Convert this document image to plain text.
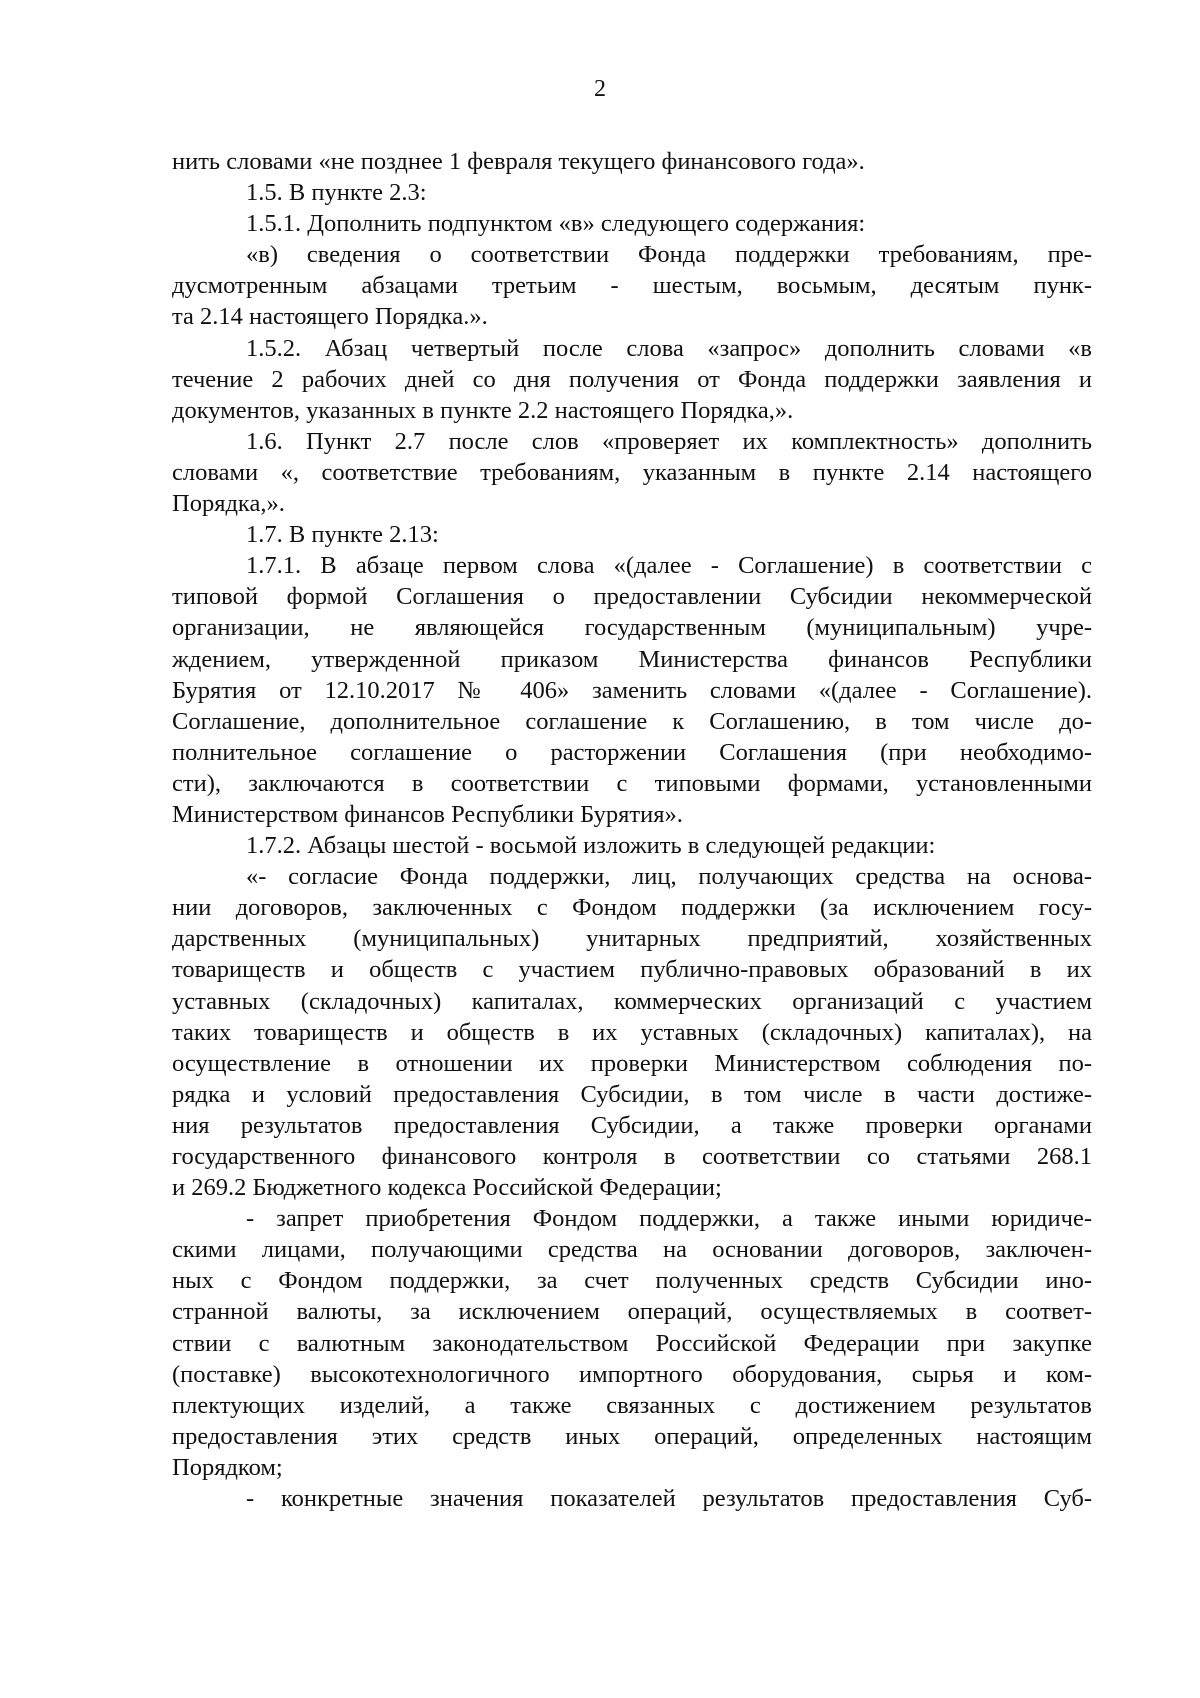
2
нить словами «не позднее 1 февраля текущего финансового года».
1.5. В пункте 2.3:
1.5.1. Дополнить подпунктом «в» следующего содержания:
«в) сведения о соответствии Фонда поддержки требованиям, пре-
дусмотренным абзацами третьим - шестым, восьмым, десятым пунк-
та 2.14 настоящего Порядка.».
1.5.2. Абзац четвертый после слова «запрос» дополнить словами «в
течение 2 рабочих дней со дня получения от Фонда поддержки заявления и
документов, указанных в пункте 2.2 настоящего Порядка,».
1.6. Пункт 2.7 после слов «проверяет их комплектность» дополнить
словами «, соответствие требованиям, указанным в пункте 2.14 настоящего
Порядка,».
1.7. В пункте 2.13:
1.7.1. В абзаце первом слова «(далее - Соглашение) в соответствии с
типовой формой Соглашения о предоставлении Субсидии некоммерческой
организации, не являющейся государственным (муниципальным) учре-
ждением, утвержденной приказом Министерства финансов Республики
Бурятия от 12.10.2017 № 406» заменить словами «(далее - Соглашение).
Соглашение, дополнительное соглашение к Соглашению, в том числе до-
полнительное соглашение о расторжении Соглашения (при необходимо-
сти), заключаются в соответствии с типовыми формами, установленными
Министерством финансов Республики Бурятия».
1.7.2. Абзацы шестой - восьмой изложить в следующей редакции:
«- согласие Фонда поддержки, лиц, получающих средства на основа-
нии договоров, заключенных с Фондом поддержки (за исключением госу-
дарственных (муниципальных) унитарных предприятий, хозяйственных
товариществ и обществ с участием публично-правовых образований в их
уставных (складочных) капиталах, коммерческих организаций с участием
таких товариществ и обществ в их уставных (складочных) капиталах), на
осуществление в отношении их проверки Министерством соблюдения по-
рядка и условий предоставления Субсидии, в том числе в части достиже-
ния результатов предоставления Субсидии, а также проверки органами
государственного финансового контроля в соответствии со статьями 268.1
и 269.2 Бюджетного кодекса Российской Федерации;
- запрет приобретения Фондом поддержки, а также иными юридиче-
скими лицами, получающими средства на основании договоров, заключен-
ных с Фондом поддержки, за счет полученных средств Субсидии ино-
странной валюты, за исключением операций, осуществляемых в соответ-
ствии с валютным законодательством Российской Федерации при закупке
(поставке) высокотехнологичного импортного оборудования, сырья и ком-
плектующих изделий, а также связанных с достижением результатов
предоставления этих средств иных операций, определенных настоящим
Порядком;
- конкретные значения показателей результатов предоставления Суб-
